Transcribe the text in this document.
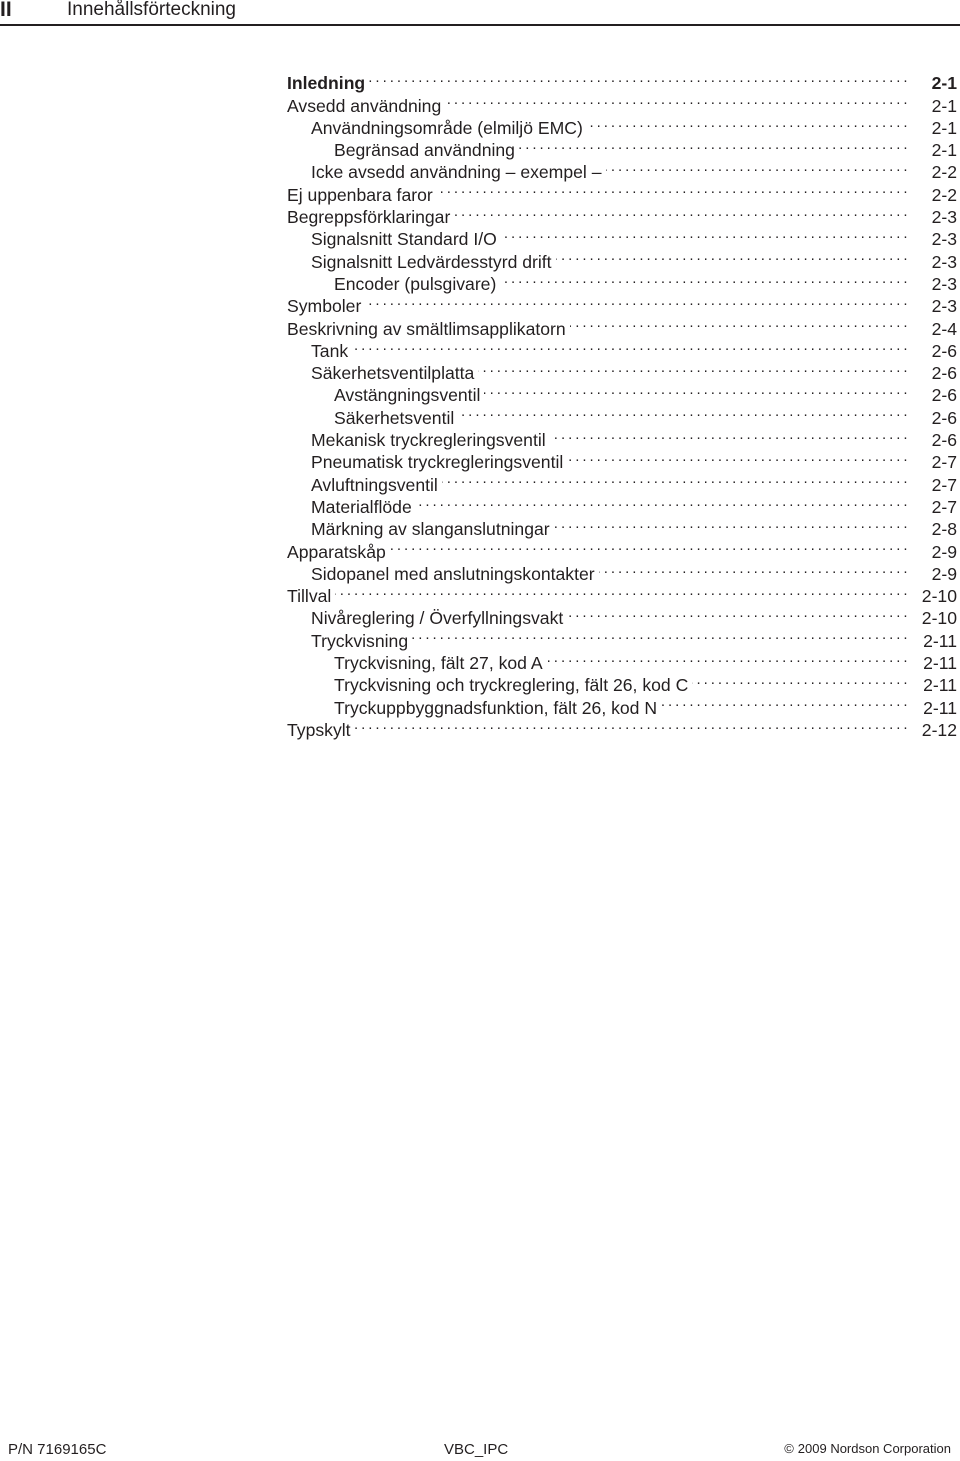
II	Innehållsförteckning
Inledning . . .	2-1
Avsedd användning . . .	2-1
Användningsområde (elmiljö EMC) . . .	2-1
Begränsad användning . . .	2-1
Icke avsedd användning – exempel – . . .	2-2
Ej uppenbara faror . . .	2-2
Begreppsförklaringar . . .	2-3
Signalsnitt Standard I/O . . .	2-3
Signalsnitt Ledvärdesstyrd drift . . .	2-3
Encoder (pulsgivare) . . .	2-3
Symboler . . .	2-3
Beskrivning av smältlimsapplikatorn . . .	2-4
Tank . . .	2-6
Säkerhetsventilplatta . . .	2-6
Avstängningsventil . . .	2-6
Säkerhetsventil . . .	2-6
Mekanisk tryckregleringsventil . . .	2-6
Pneumatisk tryckregleringsventil . . .	2-7
Avluftningsventil . . .	2-7
Materialflöde . . .	2-7
Märkning av slanganslutningar . . .	2-8
Apparatskåp . . .	2-9
Sidopanel med anslutningskontakter . . .	2-9
Tillval . . .	2-10
Nivåreglering / Överfyllningsvakt . . .	2-10
Tryckvisning . . .	2-11
Tryckvisning, fält 27, kod A . . .	2-11
Tryckvisning och tryckreglering, fält 26, kod C . . .	2-11
Tryckuppbyggnadsfunktion, fält 26, kod N . . .	2-11
Typskylt . . .	2-12
P/N 7169165C	VBC_IPC	© 2009 Nordson Corporation
